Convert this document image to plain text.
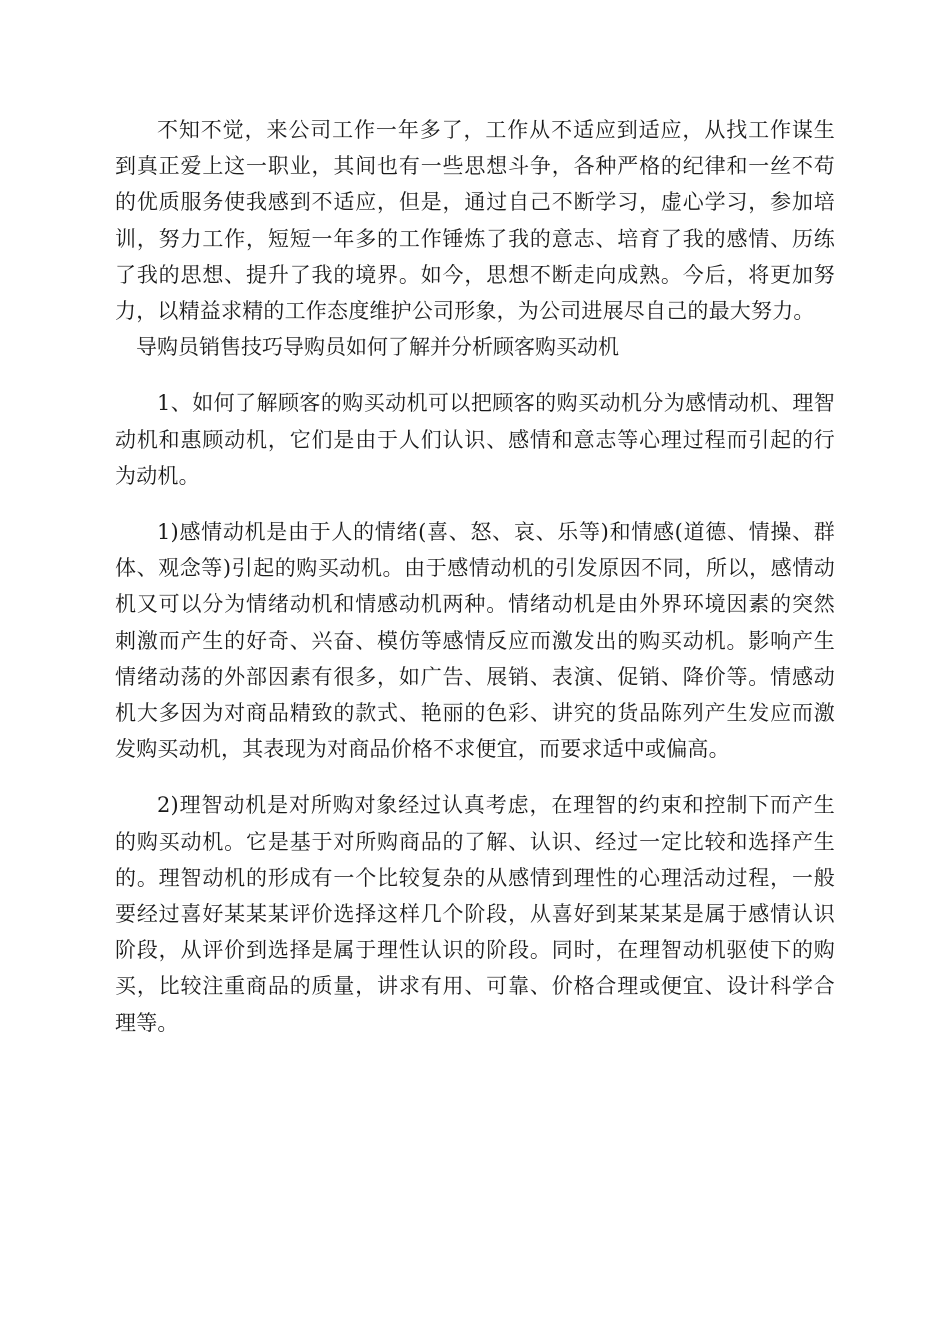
不知不觉，来公司工作一年多了，工作从不适应到适应，从找工作谋生到真正爱上这一职业，其间也有一些思想斗争，各种严格的纪律和一丝不苟的优质服务使我感到不适应，但是，通过自己不断学习，虚心学习，参加培训，努力工作，短短一年多的工作锤炼了我的意志、培育了我的感情、历练了我的思想、提升了我的境界。如今，思想不断走向成熟。今后，将更加努力，以精益求精的工作态度维护公司形象，为公司进展尽自己的最大努力。

导购员销售技巧导购员如何了解并分析顾客购买动机

1、如何了解顾客的购买动机可以把顾客的购买动机分为感情动机、理智动机和惠顾动机，它们是由于人们认识、感情和意志等心理过程而引起的行为动机。

1)感情动机是由于人的情绪(喜、怒、哀、乐等)和情感(道德、情操、群体、观念等)引起的购买动机。由于感情动机的引发原因不同，所以，感情动机又可以分为情绪动机和情感动机两种。情绪动机是由外界环境因素的突然刺激而产生的好奇、兴奋、模仿等感情反应而激发出的购买动机。影响产生情绪动荡的外部因素有很多，如广告、展销、表演、促销、降价等。情感动机大多因为对商品精致的款式、艳丽的色彩、讲究的货品陈列产生发应而激发购买动机，其表现为对商品价格不求便宜，而要求适中或偏高。

2)理智动机是对所购对象经过认真考虑，在理智的约束和控制下而产生的购买动机。它是基于对所购商品的了解、认识、经过一定比较和选择产生的。理智动机的形成有一个比较复杂的从感情到理性的心理活动过程，一般要经过喜好某某某评价选择这样几个阶段，从喜好到某某某是属于感情认识阶段，从评价到选择是属于理性认识的阶段。同时，在理智动机驱使下的购买，比较注重商品的质量，讲求有用、可靠、价格合理或便宜、设计科学合理等。
